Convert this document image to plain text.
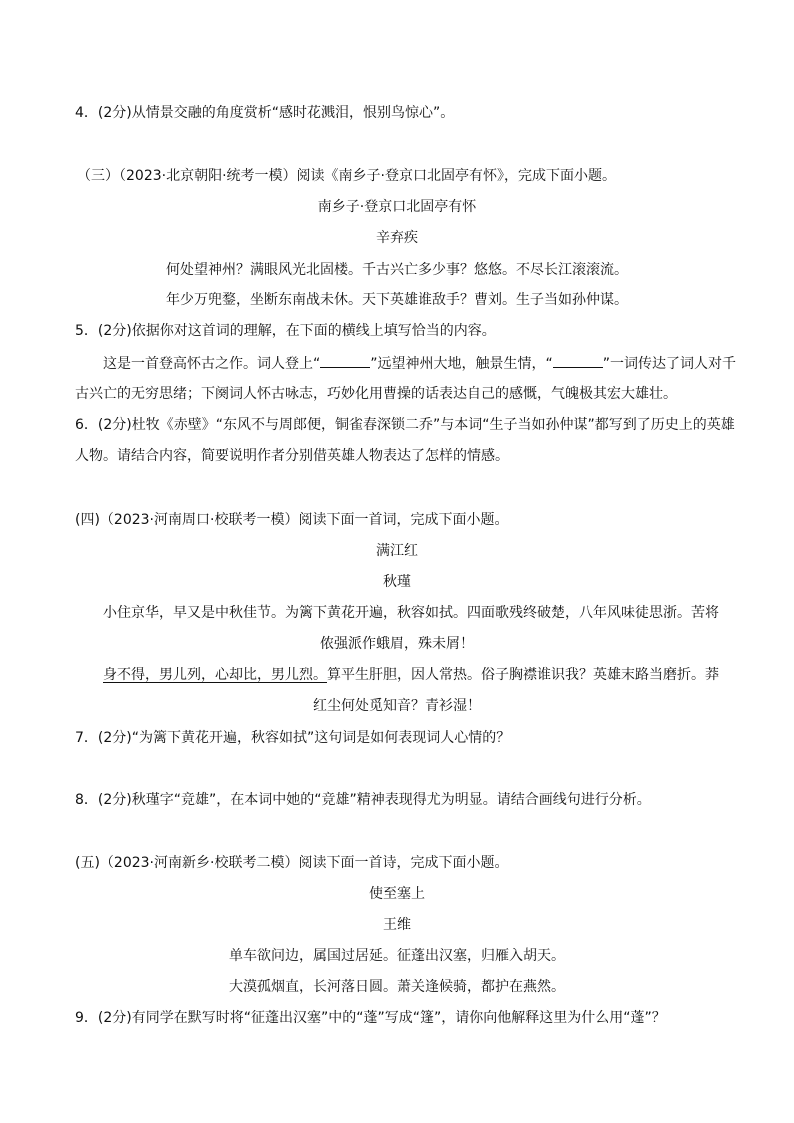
4．(2分)从情景交融的角度赏析“感时花溅泪，恨别鸟惊心”。
（三）（2023·北京朝阳·统考一模）阅读《南乡子·登京口北固亭有怀》，完成下面小题。
南乡子·登京口北固亭有怀
辛弃疾
何处望神州？满眼风光北固楼。千古兴亡多少事？悠悠。不尽长江滚滚流。
年少万兜鍪，坐断东南战未休。天下英雄谁敌手？曹刘。生子当如孙仲谋。
5．(2分)依据你对这首词的理解，在下面的横线上填写恰当的内容。
这是一首登高怀古之作。词人登上“	”远望神州大地，触景生情，“	”一词传达了词人对千
古兴亡的无穷思绪；下阕词人怀古咏志，巧妙化用曹操的话表达自己的感慨，气魄极其宏大雄壮。
6．(2分)杜牧《赤壁》“东风不与周郎便，铜雀春深锁二乔”与本词“生子当如孙仲谋”都写到了历史上的英雄
人物。请结合内容，简要说明作者分别借英雄人物表达了怎样的情感。
(四)（2023·河南周口·校联考一模）阅读下面一首词，完成下面小题。
满江红
秋瑾
小住京华，早又是中秋佳节。为篱下黄花开遍，秋容如拭。四面歌残终破楚，八年风味徒思浙。苦将
侬强派作蛾眉，殊未屑！
身不得，男儿列，心却比，男儿烈。算平生肝胆，因人常热。俗子胸襟谁识我？英雄末路当磨折。莽
红尘何处觅知音？青衫湿！
7．(2分)“为篱下黄花开遍，秋容如拭”这句词是如何表现词人心情的？
8．(2分)秋瑾字“竞雄”，在本词中她的“竞雄”精神表现得尤为明显。请结合画线句进行分析。
(五)（2023·河南新乡·校联考二模）阅读下面一首诗，完成下面小题。
使至塞上
王维
单车欲问边，属国过居延。征蓬出汉塞，归雁入胡天。
大漠孤烟直，长河落日圆。萧关逢候骑，都护在燕然。
9．(2分)有同学在默写时将“征蓬出汉塞”中的“蓬”写成“篷”，请你向他解释这里为什么用“蓬”？
